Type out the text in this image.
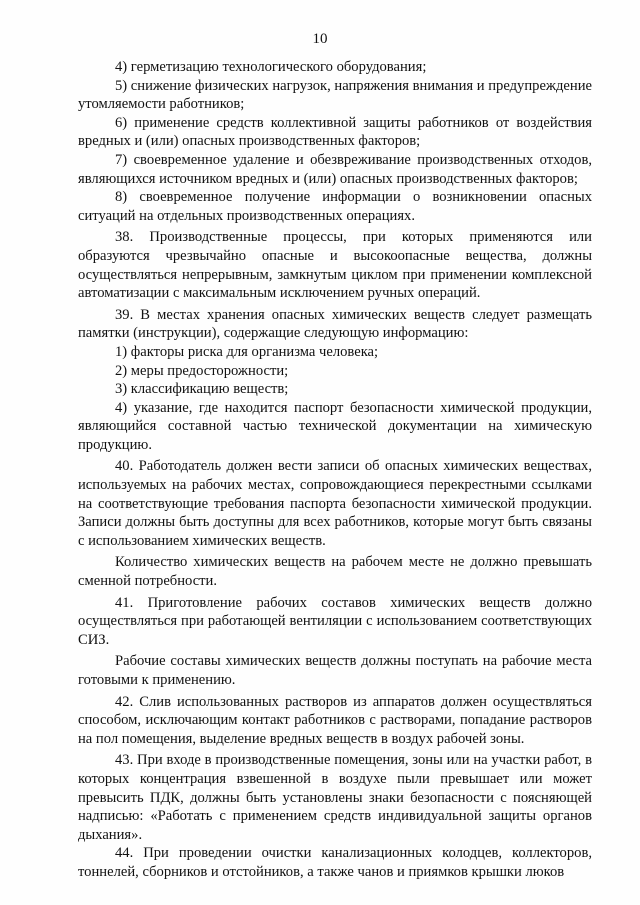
10

4) герметизацию технологического оборудования;

5) снижение физических нагрузок, напряжения внимания и предупреждение утомляемости работников;

6) применение средств коллективной защиты работников от воздействия вредных и (или) опасных производственных факторов;

7) своевременное удаление и обезвреживание производственных отходов, являющихся источником вредных и (или) опасных производственных факторов;

8) своевременное получение информации о возникновении опасных ситуаций на отдельных производственных операциях.

38. Производственные процессы, при которых применяются или образуются чрезвычайно опасные и высокоопасные вещества, должны осуществляться непрерывным, замкнутым циклом при применении комплексной автоматизации с максимальным исключением ручных операций.

39. В местах хранения опасных химических веществ следует размещать памятки (инструкции), содержащие следующую информацию:

1) факторы риска для организма человека;

2) меры предосторожности;

3) классификацию веществ;

4) указание, где находится паспорт безопасности химической продукции, являющийся составной частью технической документации на химическую продукцию.

40. Работодатель должен вести записи об опасных химических веществах, используемых на рабочих местах, сопровождающиеся перекрестными ссылками на соответствующие требования паспорта безопасности химической продукции. Записи должны быть доступны для всех работников, которые могут быть связаны с использованием химических веществ.

Количество химических веществ на рабочем месте не должно превышать сменной потребности.

41. Приготовление рабочих составов химических веществ должно осуществляться при работающей вентиляции с использованием соответствующих СИЗ.

Рабочие составы химических веществ должны поступать на рабочие места готовыми к применению.

42. Слив использованных растворов из аппаратов должен осуществляться способом, исключающим контакт работников с растворами, попадание растворов на пол помещения, выделение вредных веществ в воздух рабочей зоны.

43. При входе в производственные помещения, зоны или на участки работ, в которых концентрация взвешенной в воздухе пыли превышает или может превысить ПДК, должны быть установлены знаки безопасности с поясняющей надписью: «Работать с применением средств индивидуальной защиты органов дыхания».

44. При проведении очистки канализационных колодцев, коллекторов, тоннелей, сборников и отстойников, а также чанов и приямков крышки люков
